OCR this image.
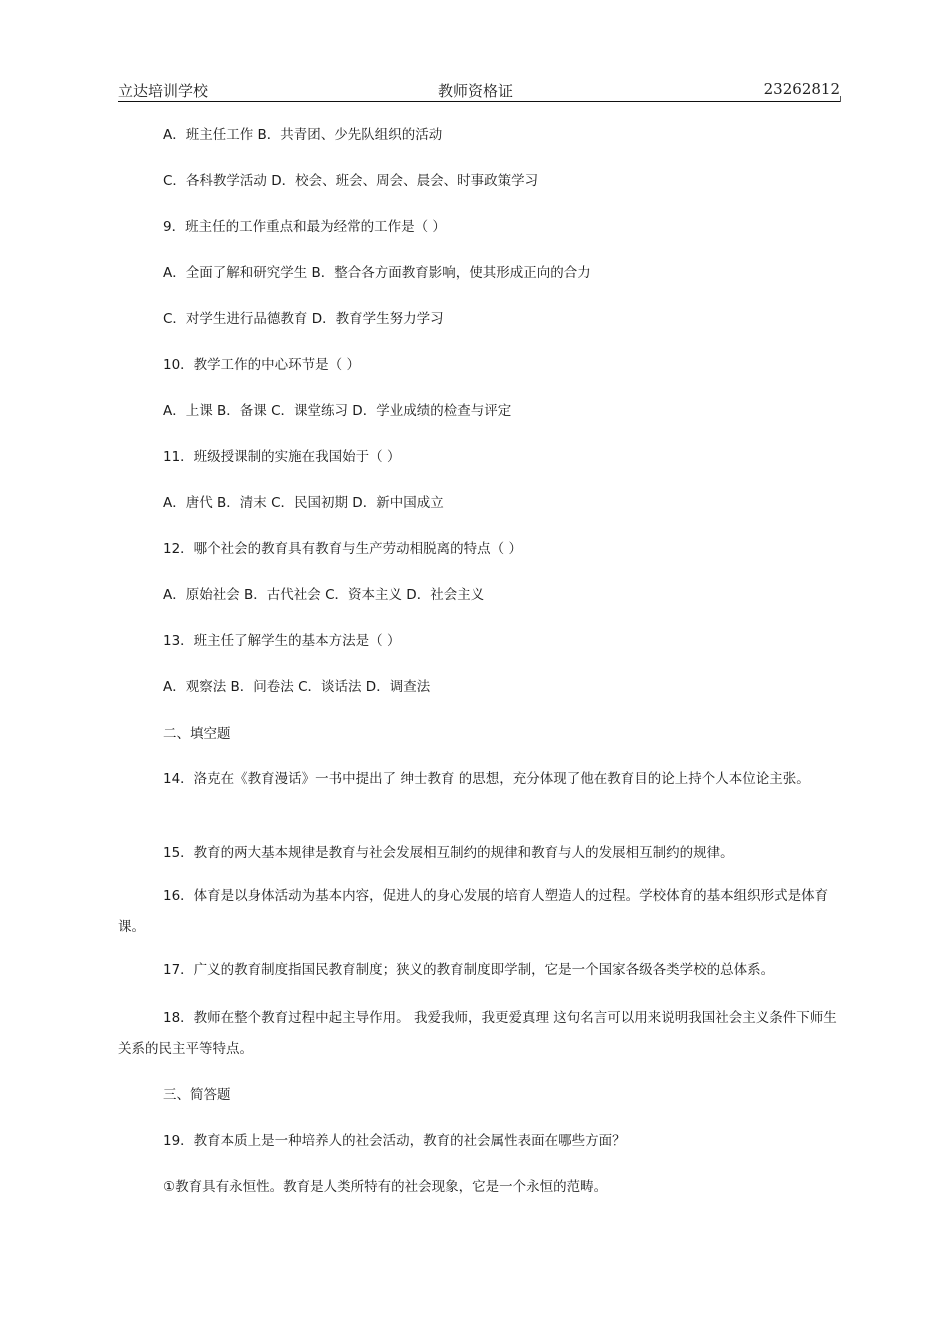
立达培训学校	教师资格证	23262812
A．班主任工作 B．共青团、少先队组织的活动
C．各科教学活动 D．校会、班会、周会、晨会、时事政策学习
9．班主任的工作重点和最为经常的工作是（ ）
A．全面了解和研究学生 B．整合各方面教育影响，使其形成正向的合力
C．对学生进行品德教育 D．教育学生努力学习
10．教学工作的中心环节是（ ）
A．上课 B．备课 C．课堂练习 D．学业成绩的检查与评定
11．班级授课制的实施在我国始于（ ）
A．唐代 B．清末 C．民国初期 D．新中国成立
12．哪个社会的教育具有教育与生产劳动相脱离的特点（ ）
A．原始社会 B．古代社会 C．资本主义 D．社会主义
13．班主任了解学生的基本方法是（ ）
A．观察法 B．问卷法 C．谈话法 D．调查法
二、填空题
14．洛克在《教育漫话》一书中提出了 绅士教育 的思想，充分体现了他在教育目的论上持个人本位论主张。
15．教育的两大基本规律是教育与社会发展相互制约的规律和教育与人的发展相互制约的规律。
16．体育是以身体活动为基本内容，促进人的身心发展的培育人塑造人的过程。学校体育的基本组织形式是体育课。
17．广义的教育制度指国民教育制度；狭义的教育制度即学制，它是一个国家各级各类学校的总体系。
18．教师在整个教育过程中起主导作用。 我爱我师，我更爱真理 这句名言可以用来说明我国社会主义条件下师生关系的民主平等特点。
三、简答题
19．教育本质上是一种培养人的社会活动，教育的社会属性表面在哪些方面？
①教育具有永恒性。教育是人类所特有的社会现象，它是一个永恒的范畴。
